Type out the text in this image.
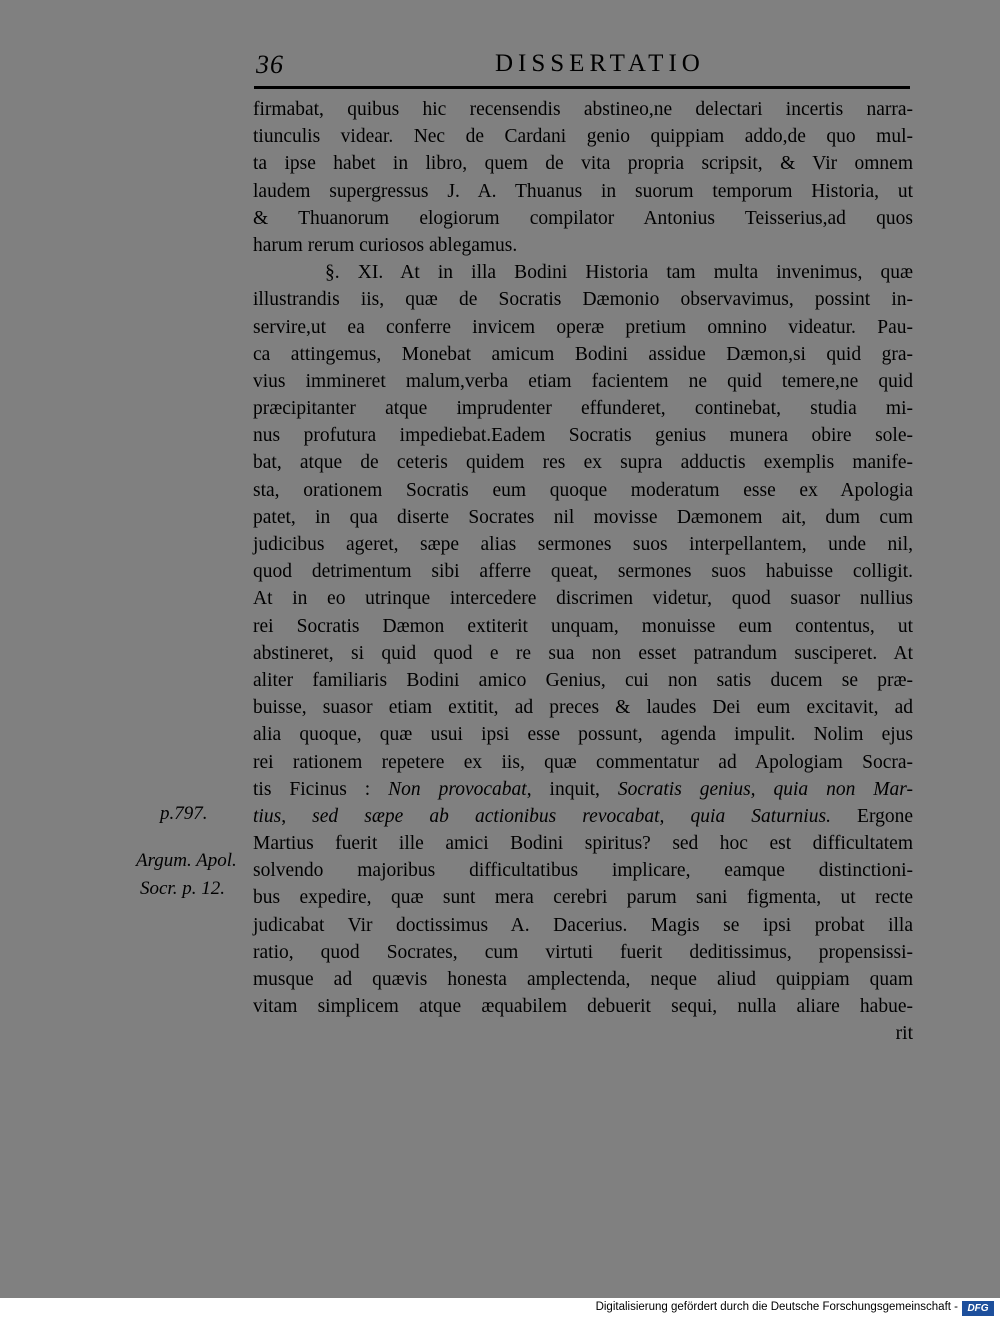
36	DISSERTATIO
firmabat, quibus hic recensendis abstineo,ne delectari incertis narra-
tiunculis videar. Nec de Cardani genio quippiam addo,de quo mul-
ta ipse habet in libro, quem de vita propria scripsit, & Vir omnem
laudem supergressus J. A. Thuanus in suorum temporum Historia, ut
& Thuanorum elogiorum compilator Antonius Teisserius,ad quos
harum rerum curiosos ablegamus.
§. XI. At in illa Bodini Historia tam multa invenimus, quæ
illustrandis iis, quæ de Socratis Dæmonio observavimus, possint in-
servire,ut ea conferre invicem operæ pretium omnino videatur. Pau-
ca attingemus, Monebat amicum Bodini assidue Dæmon,si quid gra-
vius immineret malum,verba etiam facientem ne quid temere,ne quid
præcipitanter atque imprudenter effunderet, continebat, studia mi-
nus profutura impediebat.Eadem Socratis genius munera obire sole-
bat, atque de ceteris quidem res ex supra adductis exemplis manife-
sta, orationem Socratis eum quoque moderatum esse ex Apologia
patet, in qua diserte Socrates nil movisse Dæmonem ait, dum cum
judicibus ageret, sæpe alias sermones suos interpellantem, unde nil,
quod detrimentum sibi afferre queat, sermones suos habuisse colligit.
At in eo utrinque intercedere discrimen videtur, quod suasor nullius
rei Socratis Dæmon extiterit unquam, monuisse eum contentus, ut
abstineret, si quid quod e re sua non esset patrandum susciperet. At
aliter familiaris Bodini amico Genius, cui non satis ducem se præ-
buisse, suasor etiam extitit, ad preces & laudes Dei eum excitavit, ad
alia quoque, quæ usui ipsi esse possunt, agenda impulit. Nolim ejus
rei rationem repetere ex iis, quæ commentatur ad Apologiam Socra-
tis Ficinus : Non provocabat, inquit, Socratis genius, quia non Mar-
tius, sed sæpe ab actionibus revocabat, quia Saturnius. Ergone
Martius fuerit ille amici Bodini spiritus? sed hoc est difficultatem
solvendo majoribus difficultatibus implicare, eamque distinctioni-
bus expedire, quæ sunt mera cerebri parum sani figmenta, ut recte
judicabat Vir doctissimus A. Dacerius. Magis se ipsi probat illa
ratio, quod Socrates, cum virtuti fuerit deditissimus, propensissi-
musque ad quævis honesta amplectenda, neque aliud quippiam quam
vitam simplicem atque æquabilem debuerit sequi, nulla aliare habue-
rit
p.797.
Argum. Apol.
Socr. p. 12.
Digitalisierung gefördert durch die Deutsche Forschungsgemeinschaft - DFG
